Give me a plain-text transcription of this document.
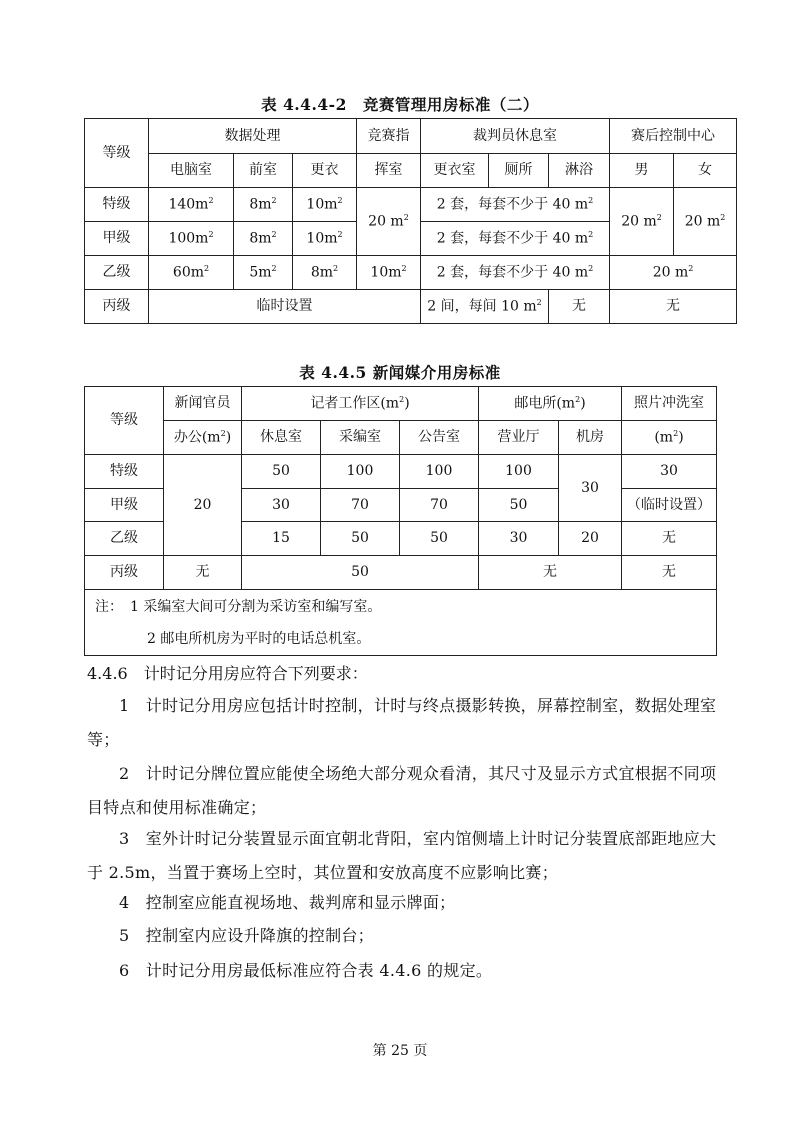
表 4.4.4-2　竞赛管理用房标准（二）
等级	数据处理			竞赛指	裁判员休息室			赛后控制中心	
	电脑室	前室	更衣	挥室	更衣室	厕所	淋浴	男	女
特级	$140m^2$	$8m^2$	$10m^2$	20 $m^2$	2 套，每套不少于 40 $m^2$			20 $m^2$	20 $m^2$
甲级	$100m^2$	$8m^2$	$10m^2$		2 套，每套不少于 40 $m^2$
乙级	$60m^2$	$5m^2$	$8m^2$	$10m^2$	2 套，每套不少于 40 $m^2$			20 $m^2$
丙级	临时设置				2 间，每间 10 $m^2$		无	无	
表 4.4.5 新闻媒介用房标准
等级	新闻官员	记者工作区$(m^2)$			邮电所$(m^2)$		照片冲洗室
	办公$(m^2)$	休息室	采编室	公告室	营业厅	机房	$(m^2)$
特级	20	50	100	100	100	30	30
甲级		30	70	70	50		（临时设置）
乙级		15	50	50	30	20	无
丙级	无	50			无		无

注：　1 采编室大间可分割为采访室和编写室。
2 邮电所机房为平时的电话总机室。							
4.4.6　计时记分用房应符合下列要求：
1　计时记分用房应包括计时控制，计时与终点摄影转换，屏幕控制室，数据处理室等；
2　计时记分牌位置应能使全场绝大部分观众看清，其尺寸及显示方式宜根据不同项目特点和使用标准确定；
3　室外计时记分装置显示面宜朝北背阳，室内馆侧墙上计时记分装置底部距地应大于 2.5m，当置于赛场上空时，其位置和安放高度不应影响比赛；
4　控制室应能直视场地、裁判席和显示牌面；
5　控制室内应设升降旗的控制台；
6　计时记分用房最低标准应符合表 4.4.6 的规定。
第 25 页
